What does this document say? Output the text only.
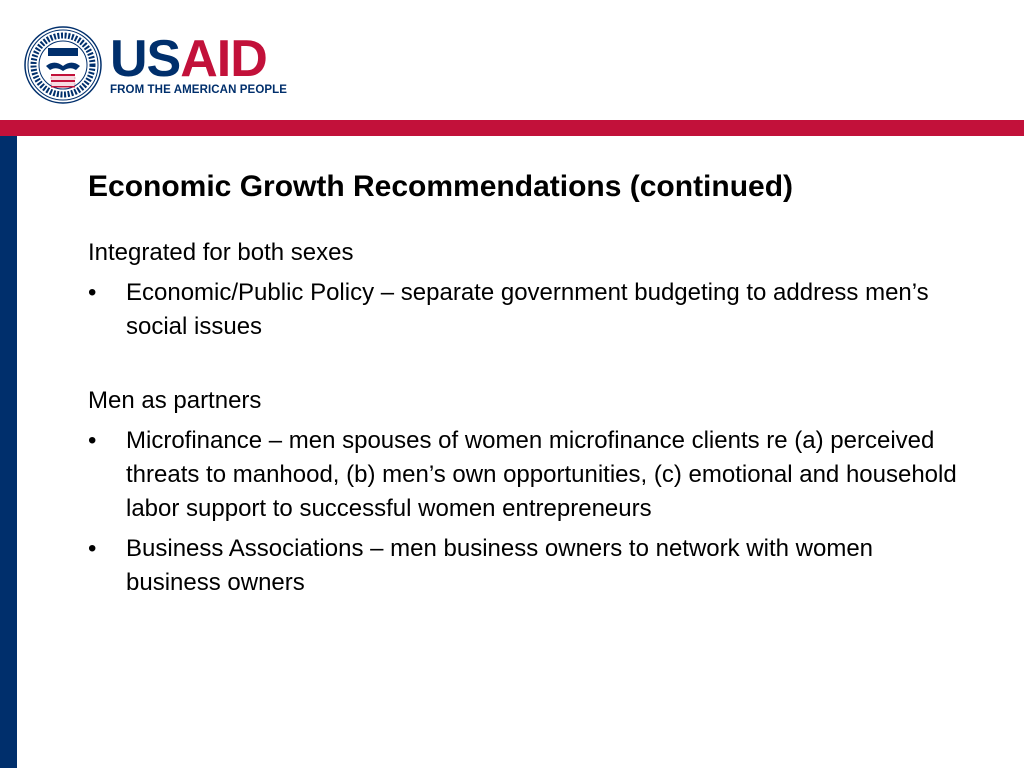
USAID
FROM THE AMERICAN PEOPLE
Economic Growth Recommendations (continued)

Integrated for both sexes

• Economic/Public Policy – separate government budgeting to address men’s social issues

Men as partners

• Microfinance – men spouses of women microfinance clients re (a) perceived threats to manhood, (b) men’s own opportunities, (c) emotional and household labor support to successful women entrepreneurs
• Business Associations – men business owners to network with women business owners
